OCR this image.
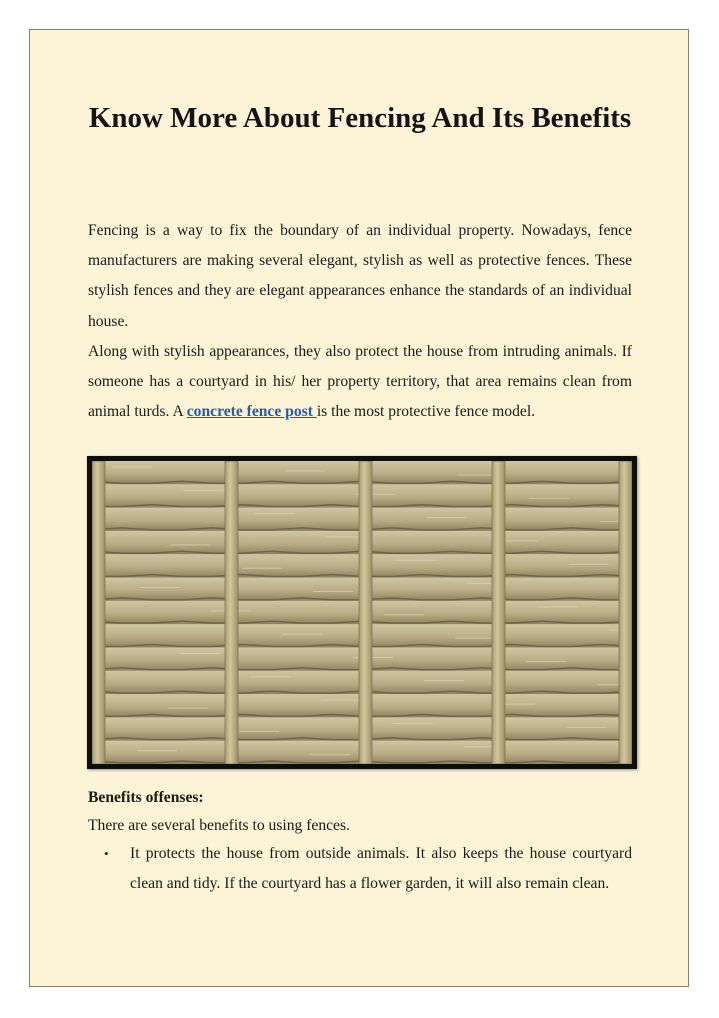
Know More About Fencing And Its Benefits

Fencing is a way to fix the boundary of an individual property. Nowadays, fence manufacturers are making several elegant, stylish as well as protective fences. These stylish fences and they are elegant appearances enhance the standards of an individual house.

Along with stylish appearances, they also protect the house from intruding animals. If someone has a courtyard in his/ her property territory, that area remains clean from animal turds. A concrete fence post is the most protective fence model.

Benefits offenses:

There are several benefits to using fences.

• It protects the house from outside animals. It also keeps the house courtyard clean and tidy. If the courtyard has a flower garden, it will also remain clean.
